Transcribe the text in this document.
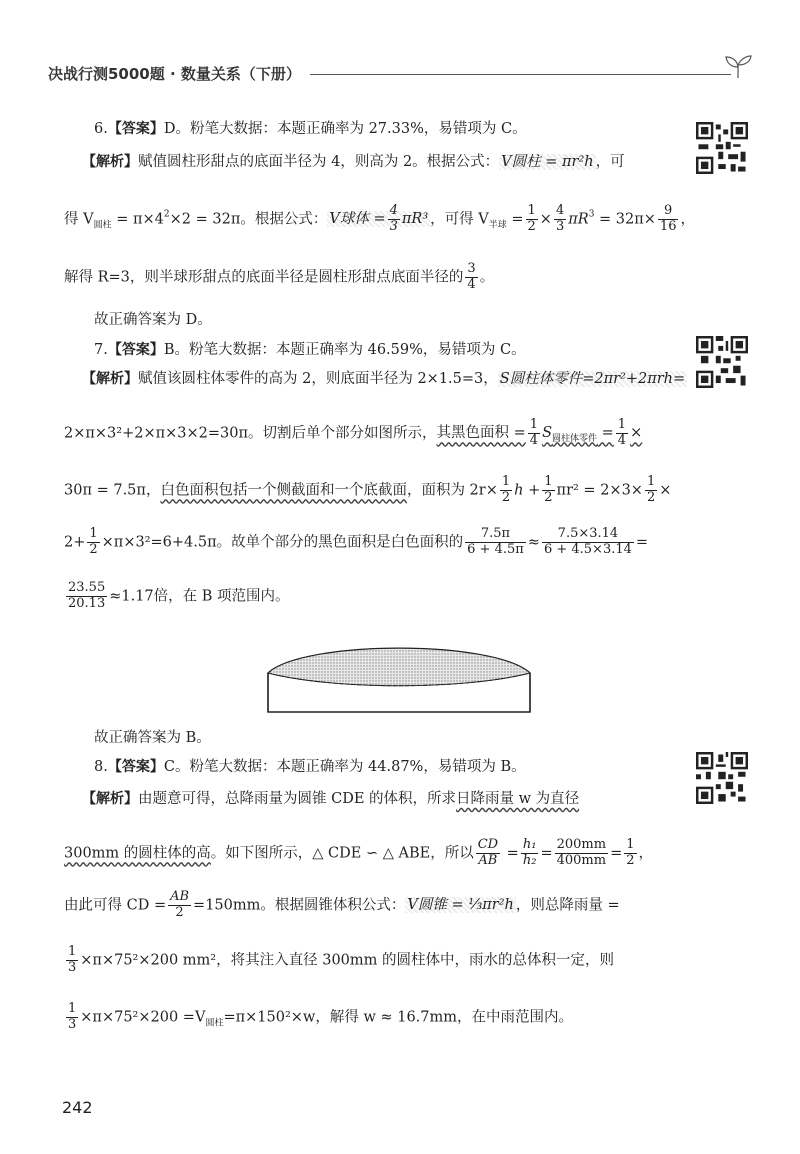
决战行测5000题 · 数量关系（下册）
6.【答案】D。粉笔大数据：本题正确率为 27.33%，易错项为 C。
【解析】赋值圆柱形甜点的底面半径为 4，则高为 2。根据公式： V圆柱 = πr²h ，可
得 $V_{圆柱} = \pi\times 4^2\times 2 = 32\pi$。根据公式： V球体 = $\frac{4}{3} \pi R^3$ ，可得 $V_{半球} = \frac{1}{2} \times \frac{4}{3} \pi R^3 = 32\pi\times \frac{9}{16}$ ，
解得 R=3，则半球形甜点的底面半径是圆柱形甜点底面半径的 $\frac{3}{4}$ 。
故正确答案为 D。
7.【答案】B。粉笔大数据：本题正确率为 46.59%，易错项为 C。
【解析】赋值该圆柱体零件的高为 2，则底面半径为 2×1.5=3， S圆柱体零件=2πr²+2πrh=
2×π×3²+2×π×3×2=30π。切割后单个部分如图所示，其黑色面积 = $\frac{1}{4} S_{圆柱体零件} = \frac{1}{4}$ ×
30π = 7.5π，白色面积包括一个侧截面和一个底截面，面积为 $2r\times \frac{1}{2}$ $h + \frac{1}{2} \pi r^2 = 2\times 3\times \frac{1}{2}$ ×
$2+ \frac{1}{2} \times\pi\times 3^2=6+4.5\pi$。故单个部分的黑色面积是白色面积的 $\frac{7.5\pi}{6 + 4.5\pi} \approx \frac{7.5\times 3.14}{6 + 4.5\times 3.14}$ =
$\frac{23.55}{20.13} \approx 1.17$倍，在 B 项范围内。
故正确答案为 B。
8.【答案】C。粉笔大数据：本题正确率为 44.87%，易错项为 B。
【解析】由题意可得，总降雨量为圆锥 CDE 的体积，所求日降雨量 w 为直径
300mm 的圆柱体的高。如下图所示，△ CDE ∽ △ ABE，所以 $\frac{CD}{AB} = \frac{\text{h₁}}{\text{h₂}} = \frac{200mm}{400mm} = \frac{1}{2}$ ，
由此可得 CD = $\frac{AB}{2} =150mm$。根据圆锥体积公式： V圆锥 = ⅓πr²h ，则总降雨量 =
$\frac{1}{3} \times\pi\times 75^2\times 200$ mm²，将其注入直径 300mm 的圆柱体中，雨水的总体积一定，则
$\frac{1}{3} \times\pi\times 75^2\times 200 =V_{圆柱}=\pi\times 150^2\times w$，解得 w ≈ 16.7mm，在中雨范围内。
242
